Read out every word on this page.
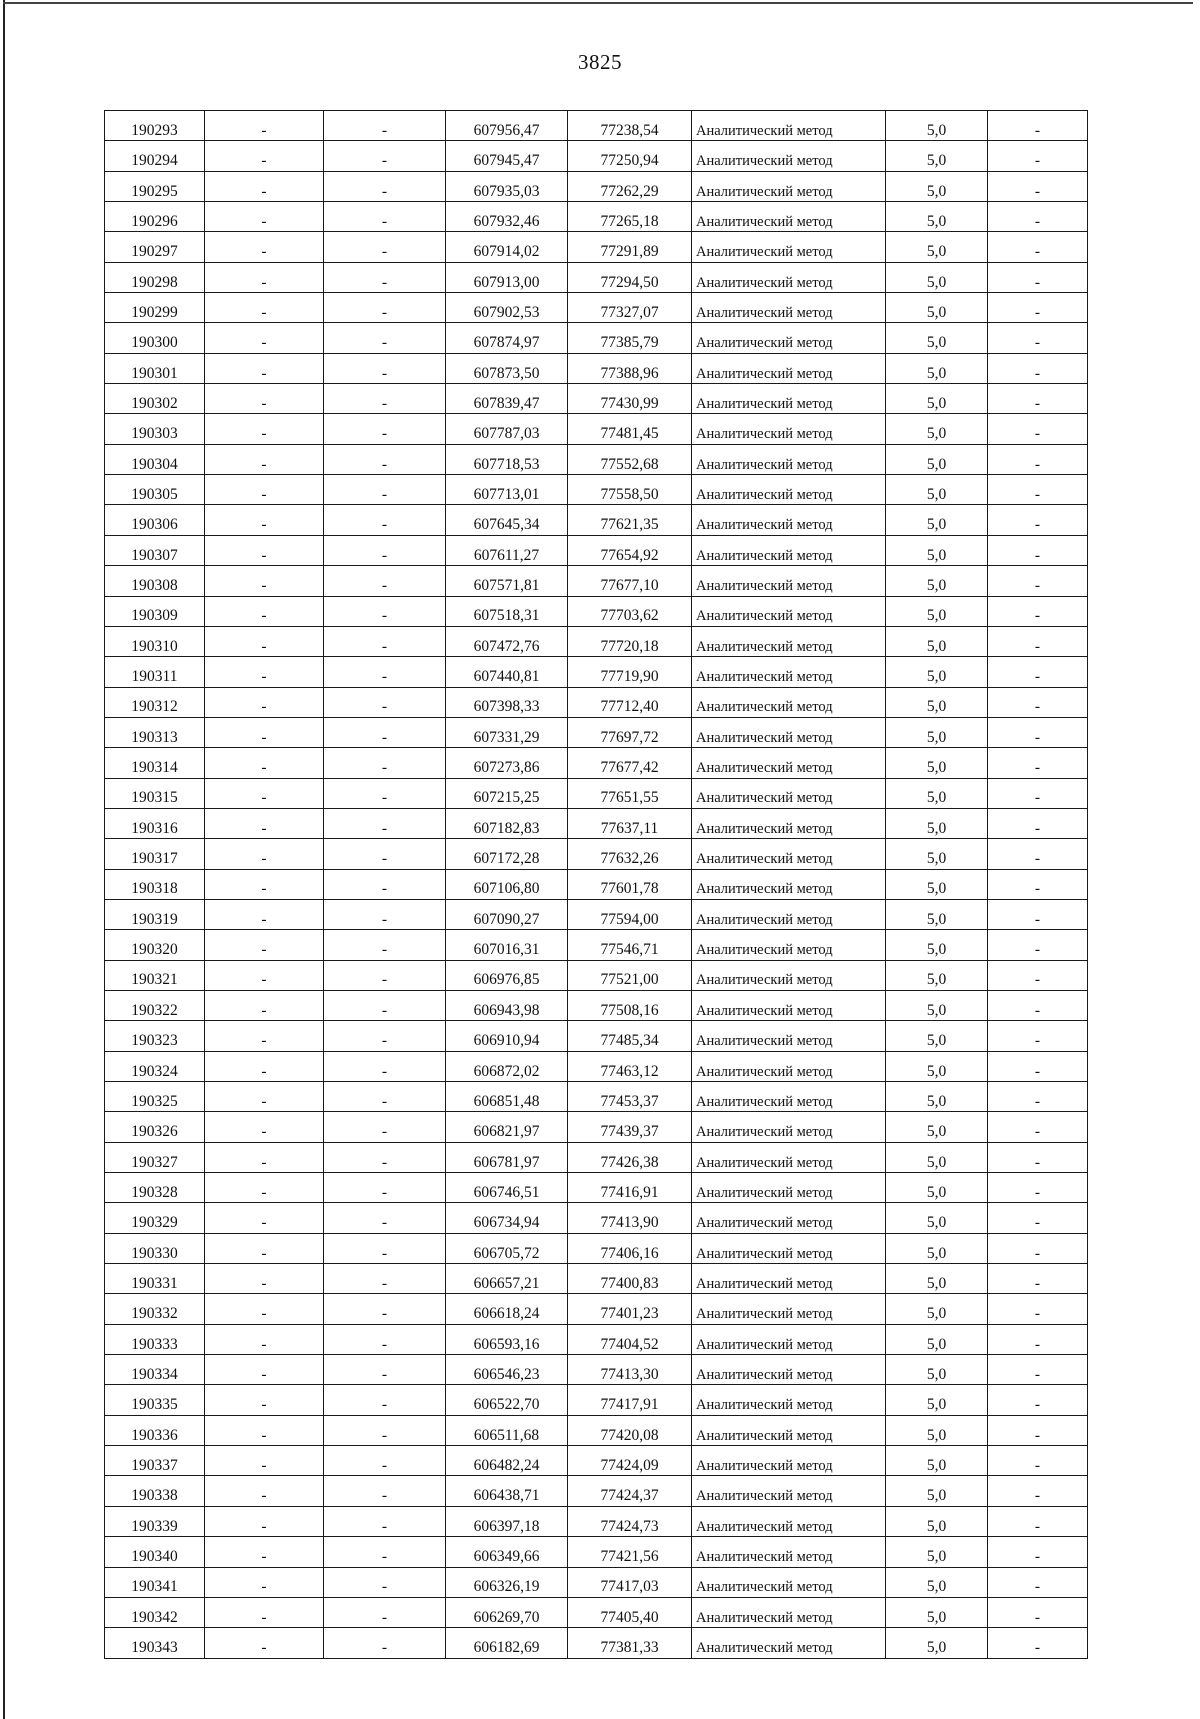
3825
190293	-	-	607956,47	77238,54	Аналитический метод	5,0	-
190294	-	-	607945,47	77250,94	Аналитический метод	5,0	-
190295	-	-	607935,03	77262,29	Аналитический метод	5,0	-
190296	-	-	607932,46	77265,18	Аналитический метод	5,0	-
190297	-	-	607914,02	77291,89	Аналитический метод	5,0	-
190298	-	-	607913,00	77294,50	Аналитический метод	5,0	-
190299	-	-	607902,53	77327,07	Аналитический метод	5,0	-
190300	-	-	607874,97	77385,79	Аналитический метод	5,0	-
190301	-	-	607873,50	77388,96	Аналитический метод	5,0	-
190302	-	-	607839,47	77430,99	Аналитический метод	5,0	-
190303	-	-	607787,03	77481,45	Аналитический метод	5,0	-
190304	-	-	607718,53	77552,68	Аналитический метод	5,0	-
190305	-	-	607713,01	77558,50	Аналитический метод	5,0	-
190306	-	-	607645,34	77621,35	Аналитический метод	5,0	-
190307	-	-	607611,27	77654,92	Аналитический метод	5,0	-
190308	-	-	607571,81	77677,10	Аналитический метод	5,0	-
190309	-	-	607518,31	77703,62	Аналитический метод	5,0	-
190310	-	-	607472,76	77720,18	Аналитический метод	5,0	-
190311	-	-	607440,81	77719,90	Аналитический метод	5,0	-
190312	-	-	607398,33	77712,40	Аналитический метод	5,0	-
190313	-	-	607331,29	77697,72	Аналитический метод	5,0	-
190314	-	-	607273,86	77677,42	Аналитический метод	5,0	-
190315	-	-	607215,25	77651,55	Аналитический метод	5,0	-
190316	-	-	607182,83	77637,11	Аналитический метод	5,0	-
190317	-	-	607172,28	77632,26	Аналитический метод	5,0	-
190318	-	-	607106,80	77601,78	Аналитический метод	5,0	-
190319	-	-	607090,27	77594,00	Аналитический метод	5,0	-
190320	-	-	607016,31	77546,71	Аналитический метод	5,0	-
190321	-	-	606976,85	77521,00	Аналитический метод	5,0	-
190322	-	-	606943,98	77508,16	Аналитический метод	5,0	-
190323	-	-	606910,94	77485,34	Аналитический метод	5,0	-
190324	-	-	606872,02	77463,12	Аналитический метод	5,0	-
190325	-	-	606851,48	77453,37	Аналитический метод	5,0	-
190326	-	-	606821,97	77439,37	Аналитический метод	5,0	-
190327	-	-	606781,97	77426,38	Аналитический метод	5,0	-
190328	-	-	606746,51	77416,91	Аналитический метод	5,0	-
190329	-	-	606734,94	77413,90	Аналитический метод	5,0	-
190330	-	-	606705,72	77406,16	Аналитический метод	5,0	-
190331	-	-	606657,21	77400,83	Аналитический метод	5,0	-
190332	-	-	606618,24	77401,23	Аналитический метод	5,0	-
190333	-	-	606593,16	77404,52	Аналитический метод	5,0	-
190334	-	-	606546,23	77413,30	Аналитический метод	5,0	-
190335	-	-	606522,70	77417,91	Аналитический метод	5,0	-
190336	-	-	606511,68	77420,08	Аналитический метод	5,0	-
190337	-	-	606482,24	77424,09	Аналитический метод	5,0	-
190338	-	-	606438,71	77424,37	Аналитический метод	5,0	-
190339	-	-	606397,18	77424,73	Аналитический метод	5,0	-
190340	-	-	606349,66	77421,56	Аналитический метод	5,0	-
190341	-	-	606326,19	77417,03	Аналитический метод	5,0	-
190342	-	-	606269,70	77405,40	Аналитический метод	5,0	-
190343	-	-	606182,69	77381,33	Аналитический метод	5,0	-
